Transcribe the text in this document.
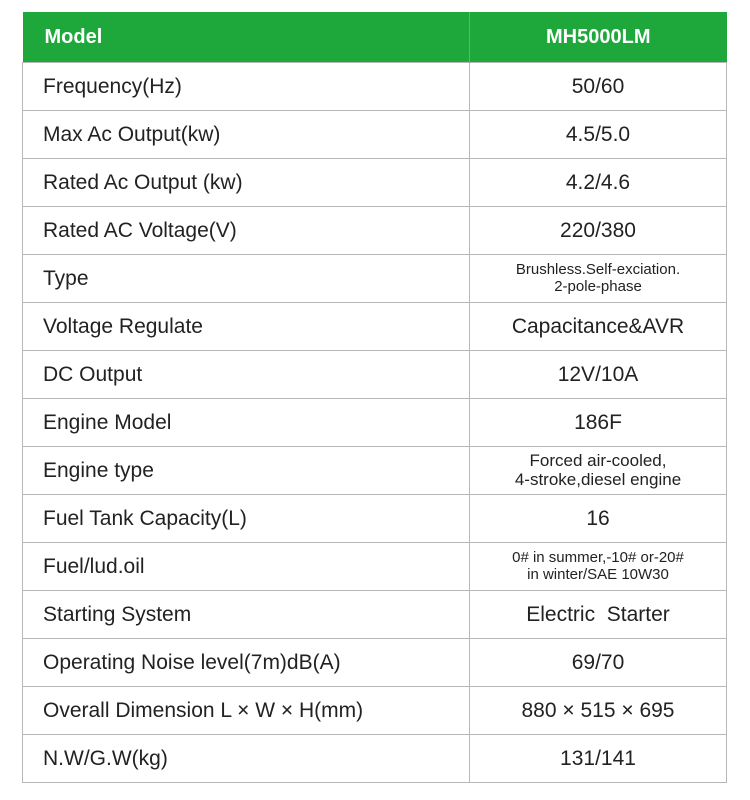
Model	MH5000LM
Frequency(Hz)	50/60
Max Ac Output(kw)	4.5/5.0
Rated Ac Output (kw)	4.2/4.6
Rated AC Voltage(V)	220/380
Type	Brushless.Self-exciation.
2-pole-phase
Voltage Regulate	Capacitance&AVR
DC Output	12V/10A
Engine Model	186F
Engine type	Forced air-cooled,
4-stroke,diesel engine
Fuel Tank Capacity(L)	16
Fuel/lud.oil	0# in summer,-10# or-20#
in winter/SAE 10W30
Starting System	Electric  Starter
Operating Noise level(7m)dB(A)	69/70
Overall Dimension L × W × H(mm)	880 × 515 × 695
N.W/G.W(kg)	131/141
